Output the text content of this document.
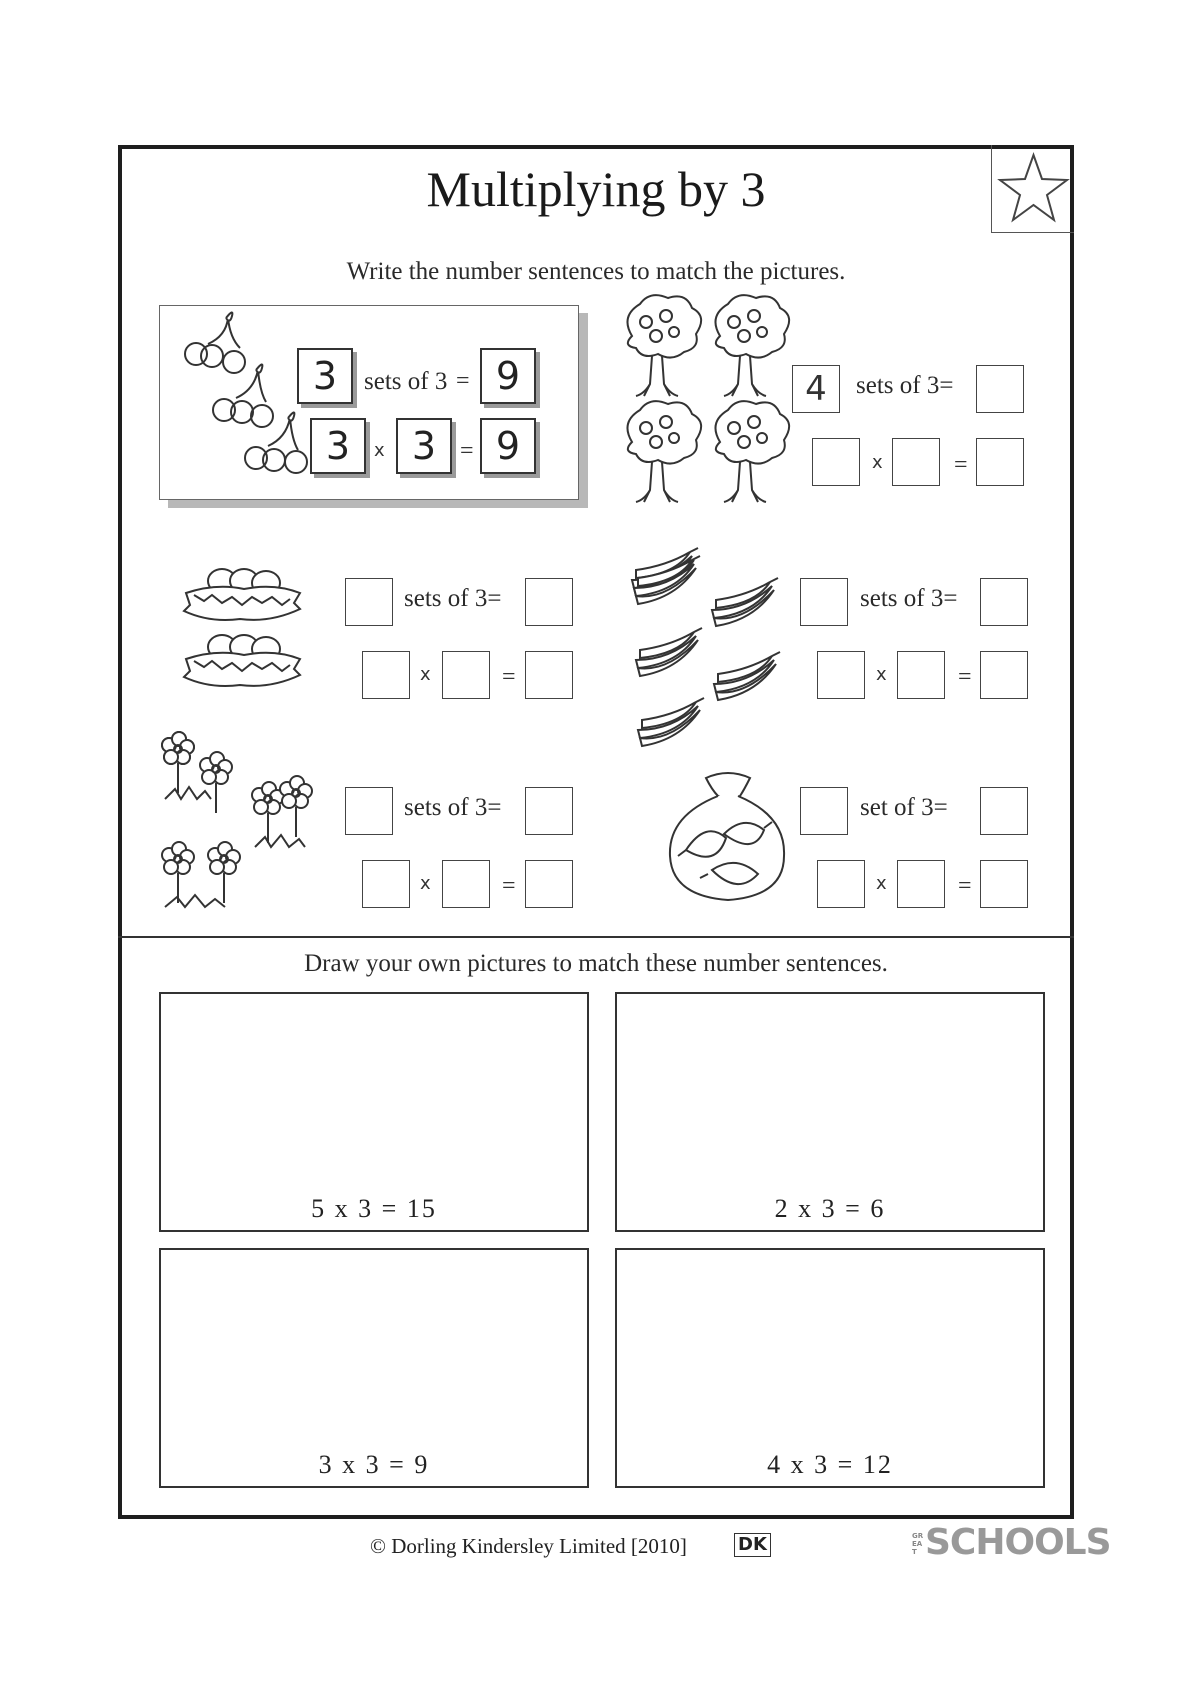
Multiplying by 3
Write the number sentences to match the pictures.
3	sets of 3 = 9
3	x 3 = 9
4	sets of 3=
x	=
sets of 3=
x	=
sets of 3=
x	=
sets of 3=
x	=
set of 3=
x	=
Draw your own pictures to match these number sentences.
5 x 3 = 15	2 x 3 = 6
3 x 3 = 9	4 x 3 = 12
© Dorling Kindersley Limited [2010]	DK	GREAT SCHOOLS
